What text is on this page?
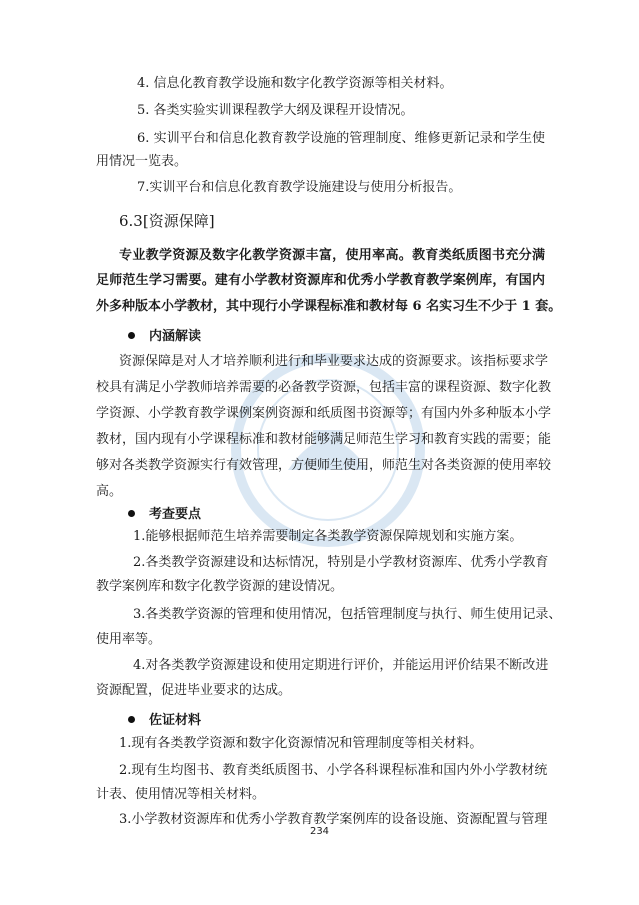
4. 信息化教育教学设施和数字化教学资源等相关材料。
5. 各类实验实训课程教学大纲及课程开设情况。
6. 实训平台和信息化教育教学设施的管理制度、维修更新记录和学生使
用情况一览表。
7.实训平台和信息化教育教学设施建设与使用分析报告。
6.3[资源保障]
专业教学资源及数字化教学资源丰富，使用率高。教育类纸质图书充分满
足师范生学习需要。建有小学教材资源库和优秀小学教育教学案例库，有国内
外多种版本小学教材，其中现行小学课程标准和教材每 6 名实习生不少于 1 套。
内涵解读
资源保障是对人才培养顺利进行和毕业要求达成的资源要求。该指标要求学
校具有满足小学教师培养需要的必备教学资源，包括丰富的课程资源、数字化教
学资源、小学教育教学课例案例资源和纸质图书资源等；有国内外多种版本小学
教材，国内现有小学课程标准和教材能够满足师范生学习和教育实践的需要；能
够对各类教学资源实行有效管理，方便师生使用，师范生对各类资源的使用率较
高。
考查要点
1.能够根据师范生培养需要制定各类教学资源保障规划和实施方案。
2.各类教学资源建设和达标情况，特别是小学教材资源库、优秀小学教育
教学案例库和数字化教学资源的建设情况。
3.各类教学资源的管理和使用情况，包括管理制度与执行、师生使用记录、
使用率等。
4.对各类教学资源建设和使用定期进行评价，并能运用评价结果不断改进
资源配置，促进毕业要求的达成。
佐证材料
1.现有各类教学资源和数字化资源情况和管理制度等相关材料。
2.现有生均图书、教育类纸质图书、小学各科课程标准和国内外小学教材统
计表、使用情况等相关材料。
3.小学教材资源库和优秀小学教育教学案例库的设备设施、资源配置与管理
234
